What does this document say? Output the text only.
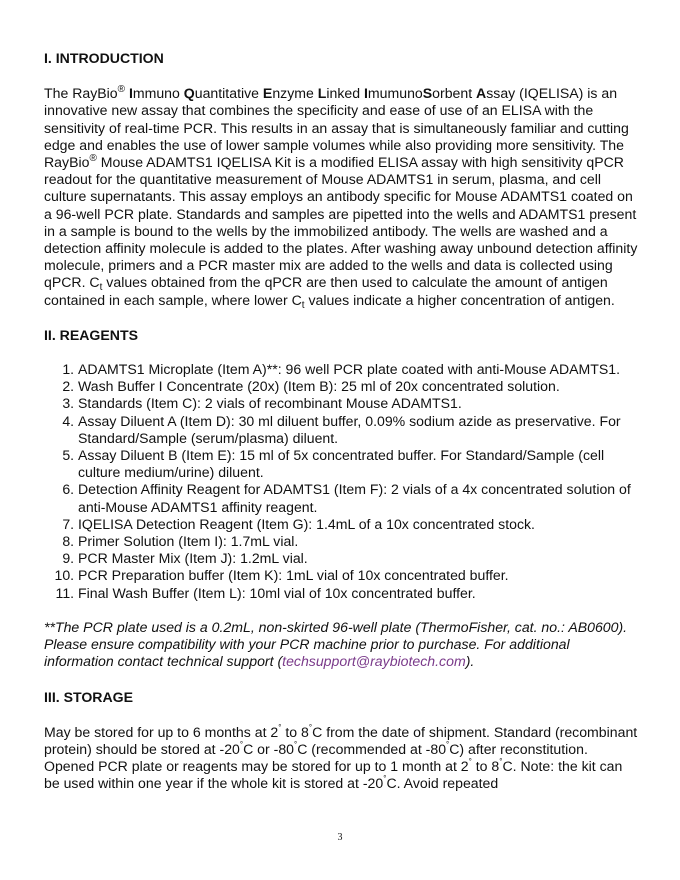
I. INTRODUCTION

The RayBio® Immuno Quantitative Enzyme Linked ImumunoSorbent Assay (IQELISA) is an innovative new assay that combines the specificity and ease of use of an ELISA with the sensitivity of real-time PCR. This results in an assay that is simultaneously familiar and cutting edge and enables the use of lower sample volumes while also providing more sensitivity. The RayBio® Mouse ADAMTS1 IQELISA Kit is a modified ELISA assay with high sensitivity qPCR readout for the quantitative measurement of Mouse ADAMTS1 in serum, plasma, and cell culture supernatants. This assay employs an antibody specific for Mouse ADAMTS1 coated on a 96-well PCR plate. Standards and samples are pipetted into the wells and ADAMTS1 present in a sample is bound to the wells by the immobilized antibody. The wells are washed and a detection affinity molecule is added to the plates. After washing away unbound detection affinity molecule, primers and a PCR master mix are added to the wells and data is collected using qPCR. $C_t$ values obtained from the qPCR are then used to calculate the amount of antigen contained in each sample, where lower $C_t$ values indicate a higher concentration of antigen.

II. REAGENTS
1. ADAMTS1 Microplate (Item A)**: 96 well PCR plate coated with anti-Mouse ADAMTS1.
2. Wash Buffer I Concentrate (20x) (Item B): 25 ml of 20x concentrated solution.
3. Standards (Item C): 2 vials of recombinant Mouse ADAMTS1.
4. Assay Diluent A (Item D): 30 ml diluent buffer, 0.09% sodium azide as preservative. For Standard/Sample (serum/plasma) diluent.
5. Assay Diluent B (Item E): 15 ml of 5x concentrated buffer. For Standard/Sample (cell culture medium/urine) diluent.
6. Detection Affinity Reagent for ADAMTS1 (Item F): 2 vials of a 4x concentrated solution of anti-Mouse ADAMTS1 affinity reagent.
7. IQELISA Detection Reagent (Item G): 1.4mL of a 10x concentrated stock.
8. Primer Solution (Item I): 1.7mL vial.
9. PCR Master Mix (Item J): 1.2mL vial.
10. PCR Preparation buffer (Item K): 1mL vial of 10x concentrated buffer.
11. Final Wash Buffer (Item L): 10ml vial of 10x concentrated buffer.

**The PCR plate used is a 0.2mL, non-skirted 96-well plate (ThermoFisher, cat. no.: AB0600). Please ensure compatibility with your PCR machine prior to purchase. For additional information contact technical support (techsupport@raybiotech.com).

III. STORAGE

May be stored for up to 6 months at 2° to 8°C from the date of shipment. Standard (recombinant protein) should be stored at -20°C or -80°C (recommended at -80°C) after reconstitution. Opened PCR plate or reagents may be stored for up to 1 month at 2° to 8°C. Note: the kit can be used within one year if the whole kit is stored at -20°C. Avoid repeated

3
